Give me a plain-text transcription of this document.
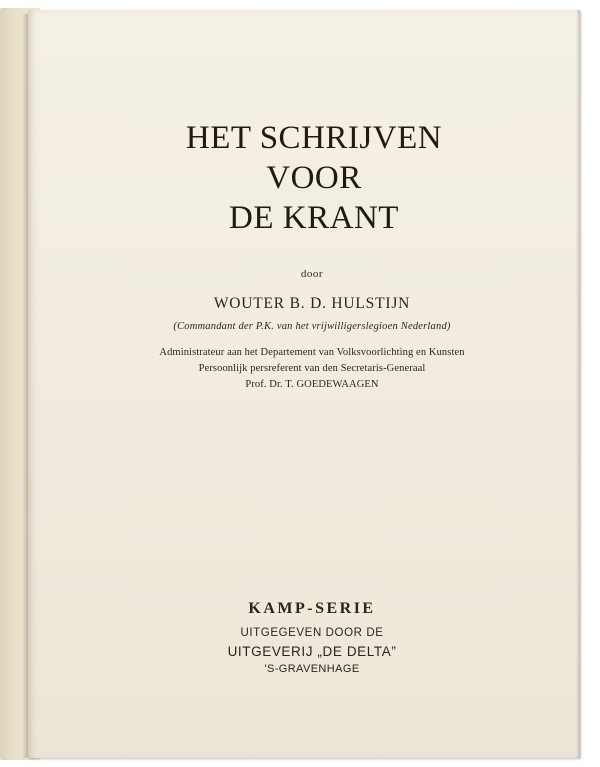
HET SCHRIJVEN
VOOR
DE KRANT
door
WOUTER B. D. HULSTIJN
(Commandant der P.K. van het vrijwilligerslegioen Nederland)
Administrateur aan het Departement van Volksvoorlichting en Kunsten
Persoonlijk persreferent van den Secretaris-Generaal
Prof. Dr. T. GOEDEWAAGEN
KAMP-SERIE
UITGEGEVEN DOOR DE
UITGEVERIJ „DE DELTA”
'S-GRAVENHAGE
